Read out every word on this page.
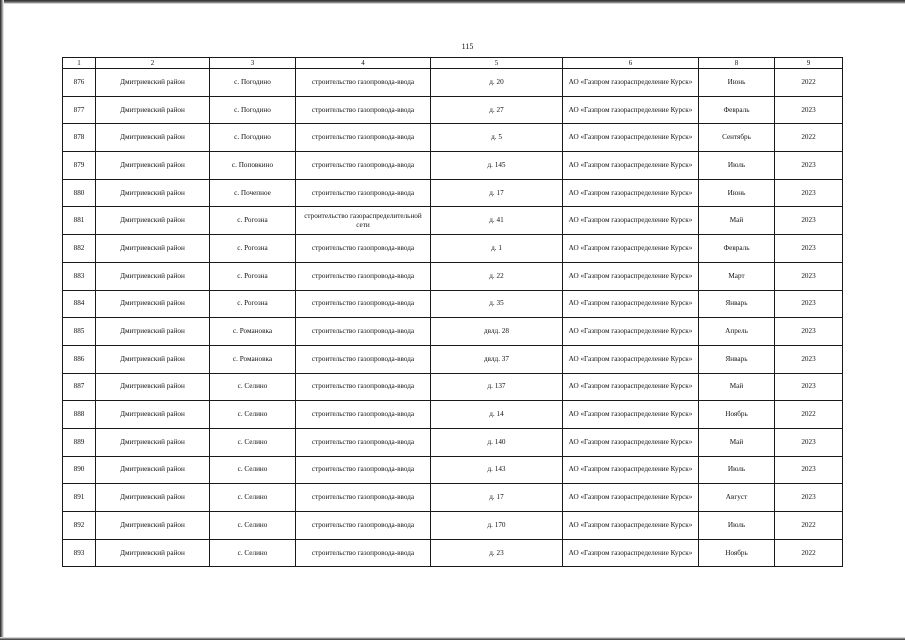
115
1	2	3	4	5	6	8	9
876	Дмитриевский район	с. Погодино	строительство газопровода-ввода	д. 20	АО «Газпром газораспределение Курск»	Июнь	2022
877	Дмитриевский район	с. Погодино	строительство газопровода-ввода	д. 27	АО «Газпром газораспределение Курск»	Февраль	2023
878	Дмитриевский район	с. Погодино	строительство газопровода-ввода	д. 5	АО «Газпром газораспределение Курск»	Сентябрь	2022
879	Дмитриевский район	с. Поповкино	строительство газопровода-ввода	д. 145	АО «Газпром газораспределение Курск»	Июль	2023
880	Дмитриевский район	с. Почепное	строительство газопровода-ввода	д. 17	АО «Газпром газораспределение Курск»	Июнь	2023
881	Дмитриевский район	с. Рогозна	строительство газораспределительной сети	д. 41	АО «Газпром газораспределение Курск»	Май	2023
882	Дмитриевский район	с. Рогозна	строительство газопровода-ввода	д. 1	АО «Газпром газораспределение Курск»	Февраль	2023
883	Дмитриевский район	с. Рогозна	строительство газопровода-ввода	д. 22	АО «Газпром газораспределение Курск»	Март	2023
884	Дмитриевский район	с. Рогозна	строительство газопровода-ввода	д. 35	АО «Газпром газораспределение Курск»	Январь	2023
885	Дмитриевский район	с. Романовка	строительство газопровода-ввода	двлд. 28	АО «Газпром газораспределение Курск»	Апрель	2023
886	Дмитриевский район	с. Романовка	строительство газопровода-ввода	двлд. 37	АО «Газпром газораспределение Курск»	Январь	2023
887	Дмитриевский район	с. Селино	строительство газопровода-ввода	д. 137	АО «Газпром газораспределение Курск»	Май	2023
888	Дмитриевский район	с. Селино	строительство газопровода-ввода	д. 14	АО «Газпром газораспределение Курск»	Ноябрь	2022
889	Дмитриевский район	с. Селино	строительство газопровода-ввода	д. 140	АО «Газпром газораспределение Курск»	Май	2023
890	Дмитриевский район	с. Селино	строительство газопровода-ввода	д. 143	АО «Газпром газораспределение Курск»	Июль	2023
891	Дмитриевский район	с. Селино	строительство газопровода-ввода	д. 17	АО «Газпром газораспределение Курск»	Август	2023
892	Дмитриевский район	с. Селино	строительство газопровода-ввода	д. 170	АО «Газпром газораспределение Курск»	Июль	2022
893	Дмитриевский район	с. Селино	строительство газопровода-ввода	д. 23	АО «Газпром газораспределение Курск»	Ноябрь	2022
